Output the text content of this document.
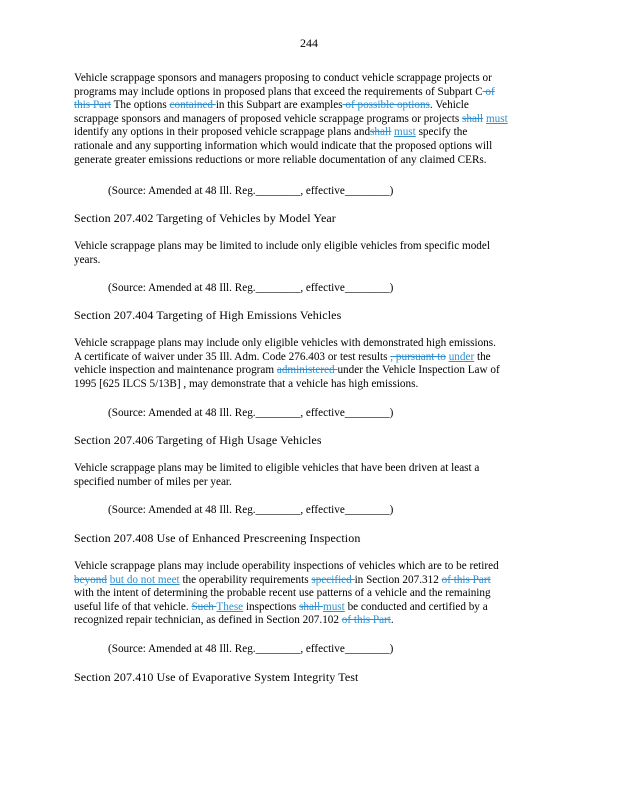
244
Vehicle scrappage sponsors and managers proposing to conduct vehicle scrappage projects or
programs may include options in proposed plans that exceed the requirements of Subpart C of
this Part The options contained in this Subpart are examples of possible options. Vehicle
scrappage sponsors and managers of proposed vehicle scrappage programs or projects shall must
identify any options in their proposed vehicle scrappage plans andshall must specify the
rationale and any supporting information which would indicate that the proposed options will
generate greater emissions reductions or more reliable documentation of any claimed CERs.
(Source: Amended at 48 Ill. Reg.________, effective________)
Section 207.402 Targeting of Vehicles by Model Year
Vehicle scrappage plans may be limited to include only eligible vehicles from specific model
years.
(Source: Amended at 48 Ill. Reg.________, effective________)
Section 207.404 Targeting of High Emissions Vehicles
Vehicle scrappage plans may include only eligible vehicles with demonstrated high emissions.
A certificate of waiver under 35 Ill. Adm. Code 276.403 or test results , pursuant to under the
vehicle inspection and maintenance program administered under the Vehicle Inspection Law of
1995 [625 ILCS 5/13B] , may demonstrate that a vehicle has high emissions.
(Source: Amended at 48 Ill. Reg.________, effective________)
Section 207.406 Targeting of High Usage Vehicles
Vehicle scrappage plans may be limited to eligible vehicles that have been driven at least a
specified number of miles per year.
(Source: Amended at 48 Ill. Reg.________, effective________)
Section 207.408 Use of Enhanced Prescreening Inspection
Vehicle scrappage plans may include operability inspections of vehicles which are to be retired
beyond but do not meet the operability requirements specified in Section 207.312 of this Part
with the intent of determining the probable recent use patterns of a vehicle and the remaining
useful life of that vehicle. Such These inspections shall must be conducted and certified by a
recognized repair technician, as defined in Section 207.102 of this Part.
(Source: Amended at 48 Ill. Reg.________, effective________)
Section 207.410 Use of Evaporative System Integrity Test
